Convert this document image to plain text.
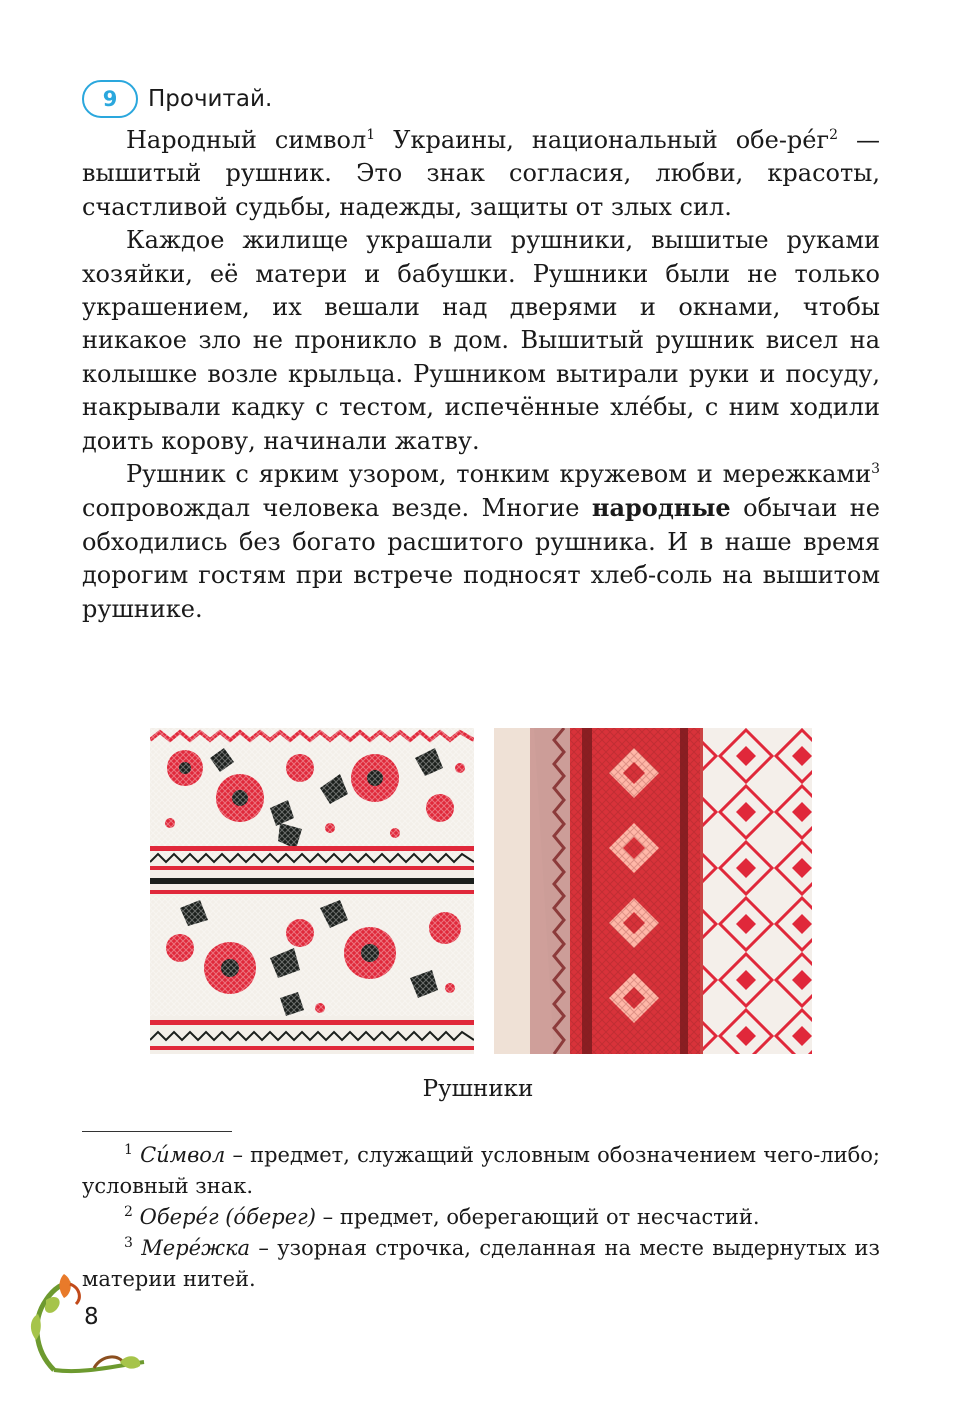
9	Прочитай.

Народный символ$^1$ Украины, национальный обе-$ре́г^2$ — вышитый рушник. Это знак согласия, любви, красоты, счастливой судьбы, надежды, защиты от злых сил.

Каждое жилище украшали рушники, вышитые руками хозяйки, её матери и бабушки. Рушники были не только украшением, их вешали над дверями и окнами, чтобы никакое зло не проникло в дом. Вышитый рушник висел на колышке возле крыльца. Рушником вытирали руки и посуду, накрывали кадку с тестом, испечённые хле́бы, с ним ходили доить корову, начинали жатву.

Рушник с ярким узором, тонким кружевом и мережками$^3$ сопровождал человека везде. Многие народные обычаи не обходились без богато расшитого рушника. И в наше время дорогим гостям при встрече подносят хлеб-соль на вышитом рушнике.

Рушники

$^1$ Си́мвол – предмет, служащий условным обозначением чего-либо; условный знак.

$^2$ Обере́г (о́берег) – предмет, оберегающий от несчастий.

$^3$ Мере́жка – узорная строчка, сделанная на месте выдернутых из материи нитей.

8
